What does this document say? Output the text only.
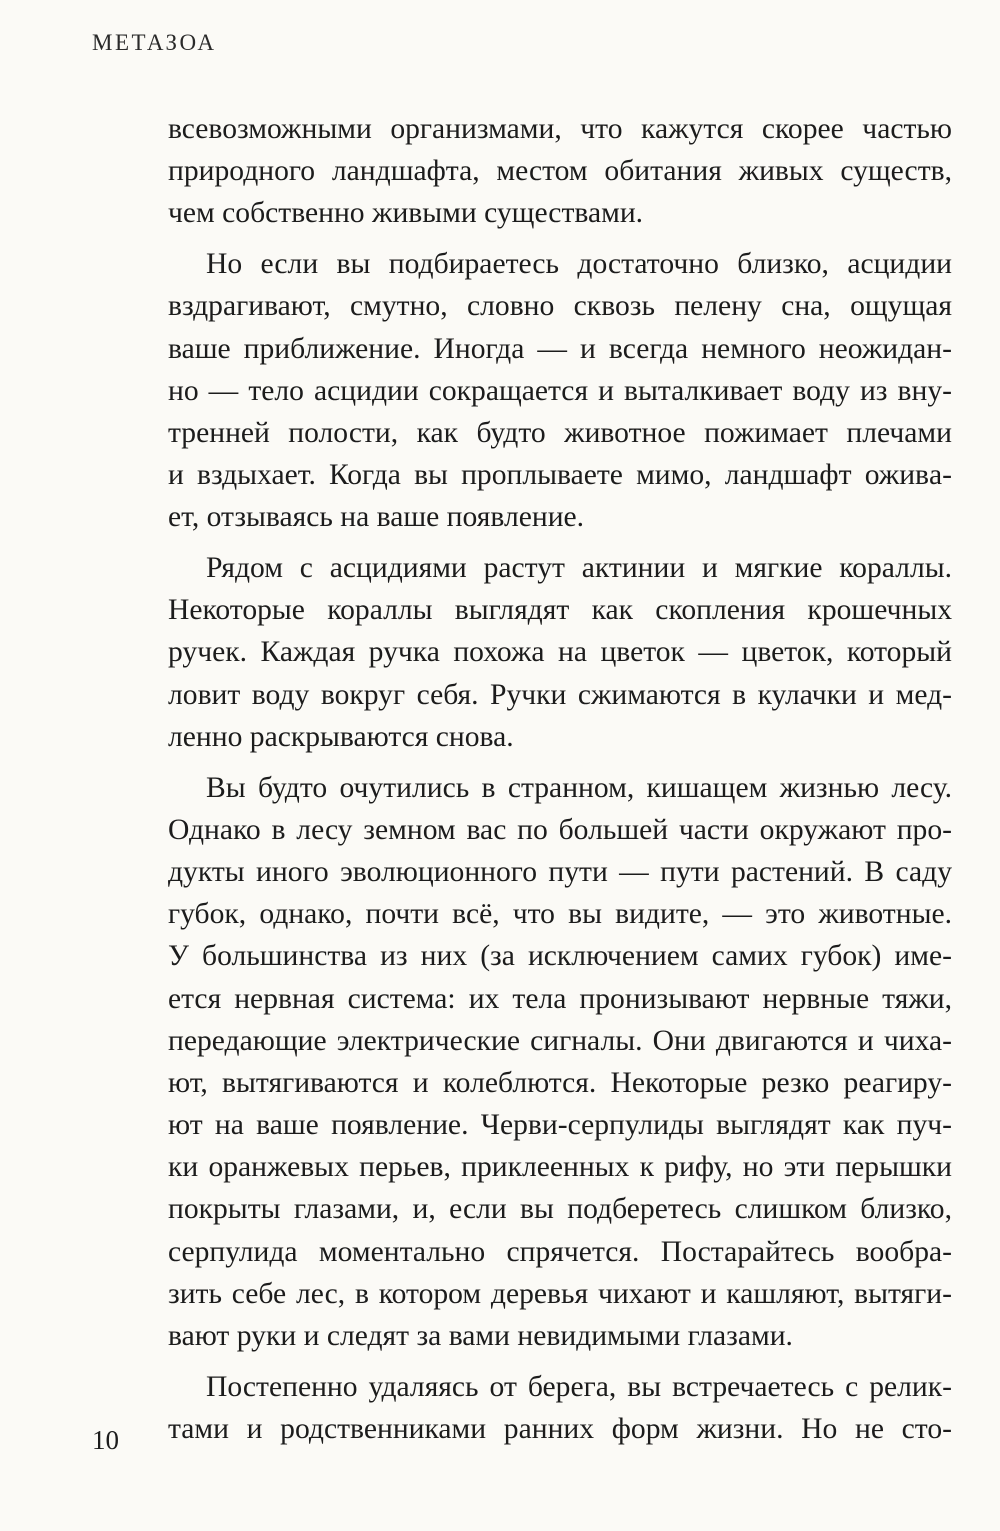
МЕТАЗОА
всевозможными организмами, что кажутся скорее частью
природного ландшафта, местом обитания живых существ,
чем собственно живыми существами.
Но если вы подбираетесь достаточно близко, асцидии
вздрагивают, смутно, словно сквозь пелену сна, ощущая
ваше приближение. Иногда — и всегда немного неожидан-
но — тело асцидии сокращается и выталкивает воду из вну-
тренней полости, как будто животное пожимает плечами
и вздыхает. Когда вы проплываете мимо, ландшафт оживa-
ет, отзываясь на ваше появление.
Рядом с асцидиями растут актинии и мягкие кораллы.
Некоторые кораллы выглядят как скопления крошечных
ручек. Каждая ручка похожа на цветок — цветок, который
ловит воду вокруг себя. Ручки сжимаются в кулачки и мед-
ленно раскрываются снова.
Вы будто очутились в странном, кишащем жизнью лесу.
Однако в лесу земном вас по большей части окружают про-
дукты иного эволюционного пути — пути растений. В саду
губок, однако, почти всё, что вы видите, — это животные.
У большинства из них (за исключением самих губок) име-
ется нервная система: их тела пронизывают нервные тяжи,
передающие электрические сигналы. Они двигаются и чиха-
ют, вытягиваются и колеблются. Некоторые резко реагиру-
ют на ваше появление. Черви-серпулиды выглядят как пуч-
ки оранжевых перьев, приклеенных к рифу, но эти перышки
покрыты глазами, и, если вы подберетесь слишком близко,
серпулида моментально спрячется. Постарайтесь вообра-
зить себе лес, в котором деревья чихают и кашляют, вытяги-
вают руки и следят за вами невидимыми глазами.
Постепенно удаляясь от берега, вы встречаетесь с релик-
тами и родственниками ранних форм жизни. Но не сто-
10
